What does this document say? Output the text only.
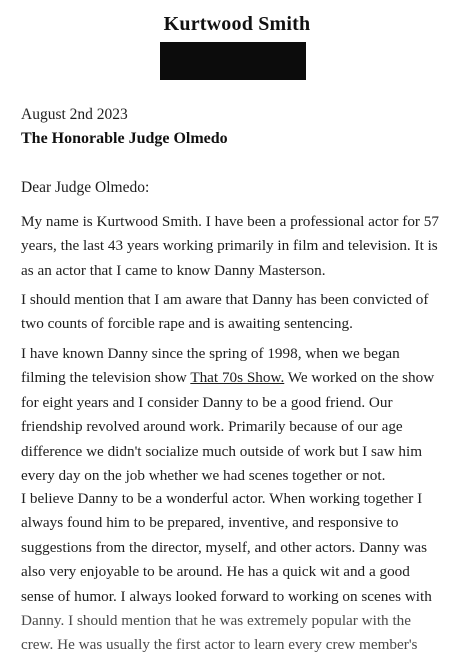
Kurtwood Smith
August 2nd 2023
The Honorable Judge Olmedo
Dear Judge Olmedo:
My name is Kurtwood Smith. I have been a professional actor for 57
years, the last 43 years working primarily in film and television. It is
as an actor that I came to know Danny Masterson.
I should mention that I am aware that Danny has been convicted of
two counts of forcible rape and is awaiting sentencing.
I have known Danny since the spring of 1998, when we began
filming the television show That 70s Show. We worked on the show
for eight years and I consider Danny to be a good friend. Our
friendship revolved around work. Primarily because of our age
difference we didn't socialize much outside of work but I saw him
every day on the job whether we had scenes together or not.
I believe Danny to be a wonderful actor. When working together I
always found him to be prepared, inventive, and responsive to
suggestions from the director, myself, and other actors. Danny was
also very enjoyable to be around. He has a quick wit and a good
sense of humor. I always looked forward to working on scenes with
Danny. I should mention that he was extremely popular with the
crew. He was usually the first actor to learn every crew member's
